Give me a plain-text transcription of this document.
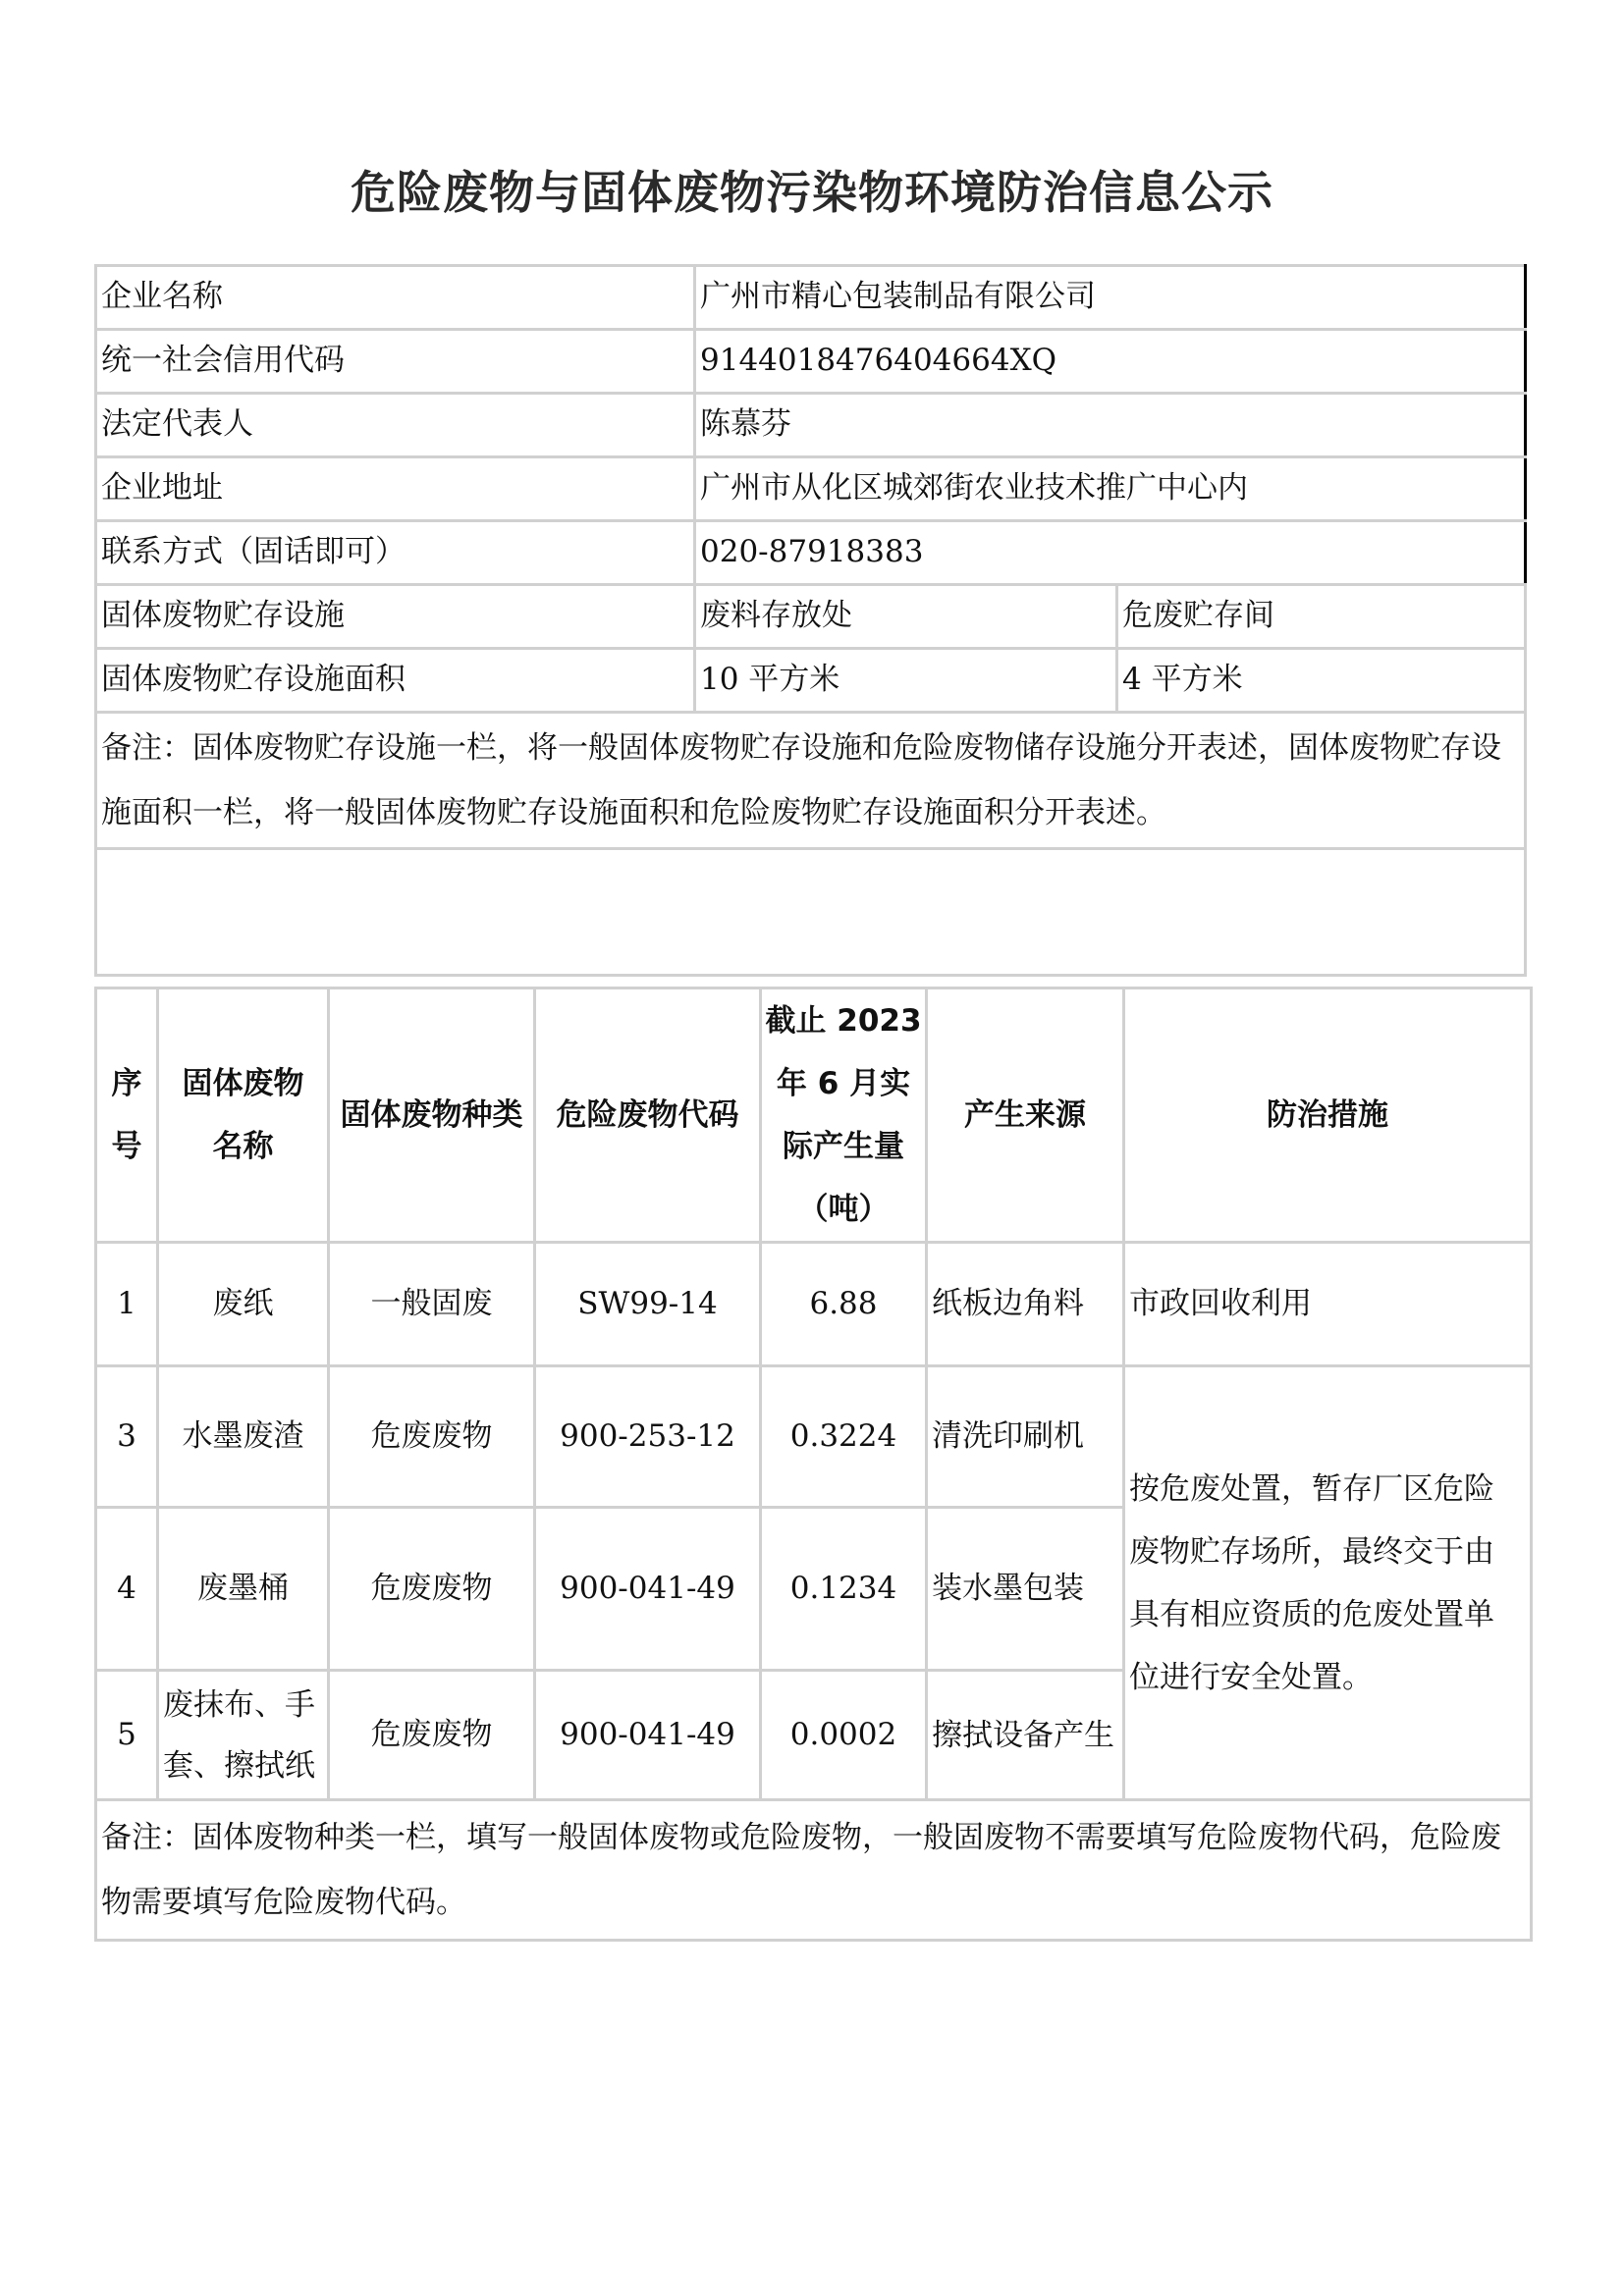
危险废物与固体废物污染物环境防治信息公示
企业名称	广州市精心包装制品有限公司	
统一社会信用代码	9144018476404664XQ	
法定代表人	陈慕芬	
企业地址	广州市从化区城郊街农业技术推广中心内	
联系方式（固话即可）	020-87918383	
固体废物贮存设施	废料存放处	危废贮存间
固体废物贮存设施面积	10 平方米	4 平方米
备注：固体废物贮存设施一栏，将一般固体废物贮存设施和危险废物储存设施分开表述，固体废物贮存设施面积一栏，将一般固体废物贮存设施面积和危险废物贮存设施面积分开表述。		

序号	固体废物名称	固体废物种类	危险废物代码	截止 2023 年 6 月实际产生量（吨）	产生来源	防治措施
1	废纸	一般固废	SW99-14	6.88	纸板边角料	市政回收利用
3	水墨废渣	危废废物	900-253-12	0.3224	清洗印刷机	按危废处置，暂存厂区危险废物贮存场所，最终交于由具有相应资质的危废处置单位进行安全处置。
4	废墨桶	危废废物	900-041-49	0.1234	装水墨包装	
5	废抹布、手套、擦拭纸	危废废物	900-041-49	0.0002	擦拭设备产生	
备注：固体废物种类一栏，填写一般固体废物或危险废物，一般固废物不需要填写危险废物代码，危险废物需要填写危险废物代码。						
